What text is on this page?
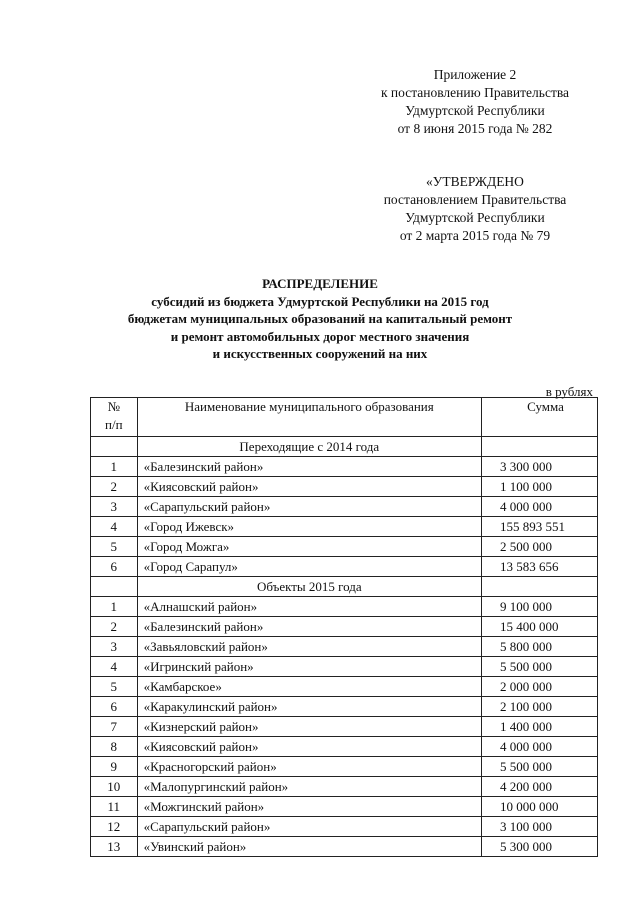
Приложение 2
к постановлению Правительства
Удмуртской Республики
от 8 июня 2015 года № 282
«УТВЕРЖДЕНО
постановлением Правительства
Удмуртской Республики
от 2 марта 2015 года № 79
РАСПРЕДЕЛЕНИЕ
субсидий из бюджета Удмуртской Республики на 2015 год
бюджетам муниципальных образований на капитальный ремонт
и ремонт автомобильных дорог местного значения
и искусственных сооружений на них
в рублях
№
п/п	Наименование муниципального образования	Сумма
	Переходящие с 2014 года	
1	«Балезинский район»	3 300 000
2	«Киясовский район»	1 100 000
3	«Сарапульский район»	4 000 000
4	«Город Ижевск»	155 893 551
5	«Город Можга»	2 500 000
6	«Город Сарапул»	13 583 656
	Объекты 2015 года	
1	«Алнашский район»	9 100 000
2	«Балезинский район»	15 400 000
3	«Завьяловский район»	5 800 000
4	«Игринский район»	5 500 000
5	«Камбарское»	2 000 000
6	«Каракулинский район»	2 100 000
7	«Кизнерский район»	1 400 000
8	«Киясовский район»	4 000 000
9	«Красногорский район»	5 500 000
10	«Малопургинский район»	4 200 000
11	«Можгинский район»	10 000 000
12	«Сарапульский район»	3 100 000
13	«Увинский район»	5 300 000
